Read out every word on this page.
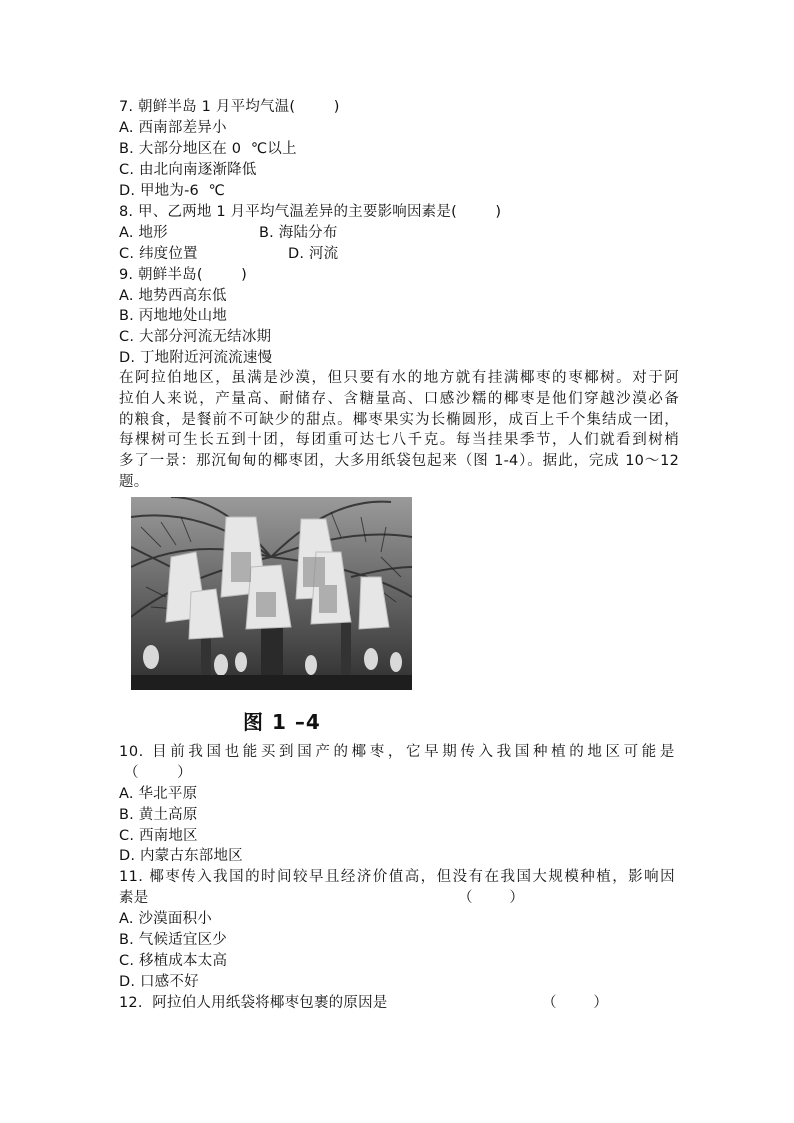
7. 朝鲜半岛 1 月平均气温(        )
A. 西南部差异小
B. 大部分地区在 0  ℃以上
C. 由北向南逐渐降低
D. 甲地为-6  ℃
8. 甲、乙两地 1 月平均气温差异的主要影响因素是(        )
A. 地形	B. 海陆分布
C. 纬度位置	D. 河流
9. 朝鲜半岛(        )
A. 地势西高东低
B. 丙地地处山地
C. 大部分河流无结冰期
D. 丁地附近河流流速慢
在阿拉伯地区，虽满是沙漠，但只要有水的地方就有挂满椰枣的枣椰树。对于阿
拉伯人来说，产量高、耐储存、含糖量高、口感沙糯的椰枣是他们穿越沙漠必备
的粮食，是餐前不可缺少的甜点。椰枣果实为长椭圆形，成百上千个集结成一团，
每棵树可生长五到十团，每团重可达七八千克。每当挂果季节，人们就看到树梢
多了一景：那沉甸甸的椰枣团，大多用纸袋包起来（图 1-4）。据此，完成 10～12
题。
图 1 –4
10. 目前我国也能买到国产的椰枣，它早期传入我国种植的地区可能是
（        ）
A. 华北平原
B. 黄土高原
C. 西南地区
D. 内蒙古东部地区
11. 椰枣传入我国的时间较早且经济价值高，但没有在我国大规模种植，影响因
素是	（        ）
A. 沙漠面积小
B. 气候适宜区少
C. 移植成本太高
D. 口感不好
12.  阿拉伯人用纸袋将椰枣包裹的原因是	（        ）
